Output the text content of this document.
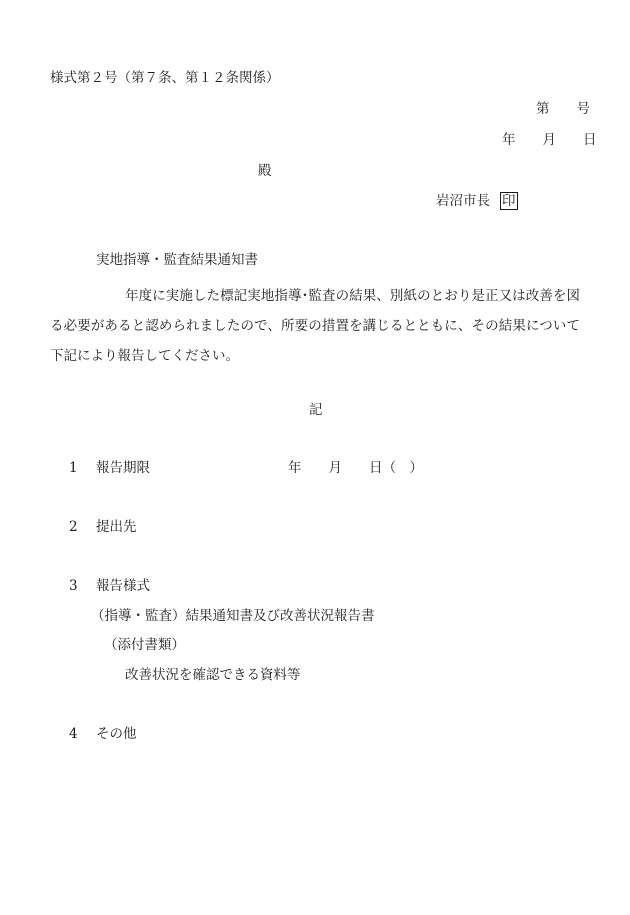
様式第２号（第７条、第１２条関係）
第　　号
年　　月　　日
殿
岩沼市長 印
実地指導・監査結果通知書
年度に実施した標記実地指導･監査の結果、別紙のとおり是正又は改善を図る必要があると認められましたので、所要の措置を講じるとともに、その結果について下記により報告してください。
記
1 報告期限	年　　月　　日（　）
2 提出先
3 報告様式
（指導・監査）結果通知書及び改善状況報告書
（添付書類）
改善状況を確認できる資料等
4 その他
